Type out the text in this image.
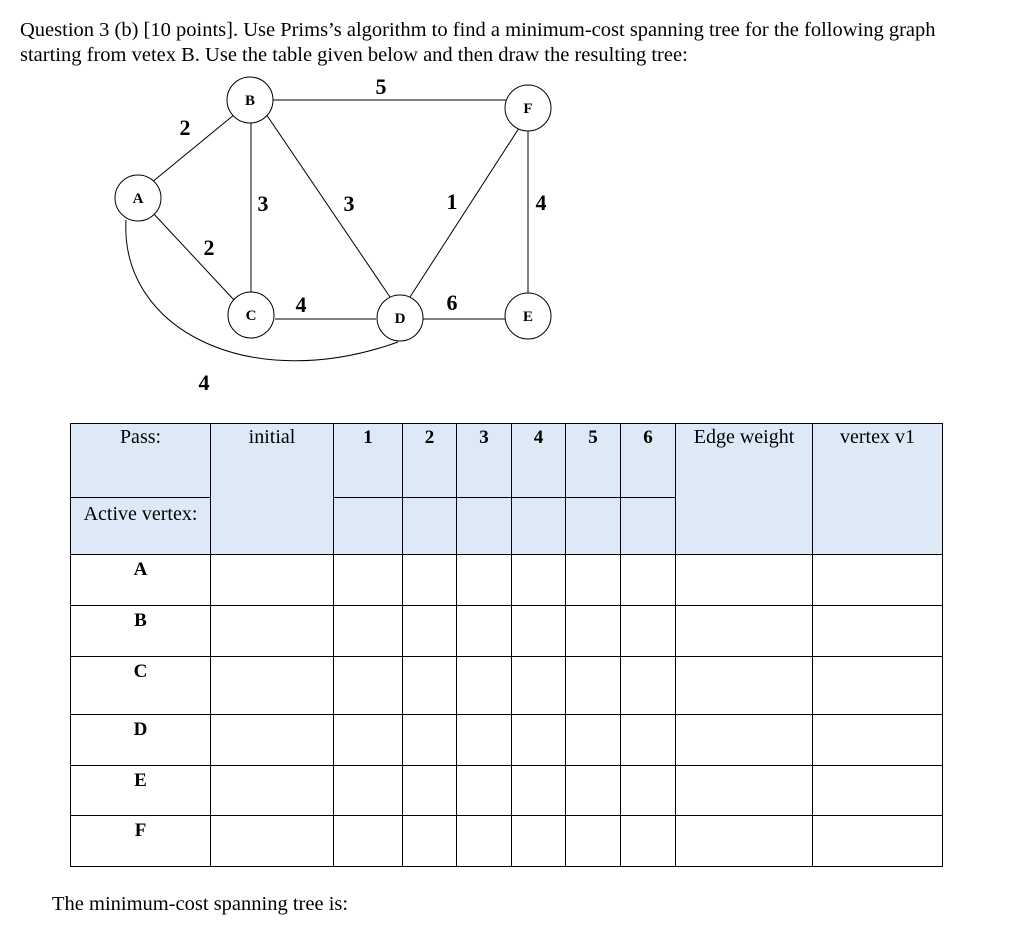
Question 3 (b) [10 points]. Use Prims’s algorithm to find a minimum-cost spanning tree for the following graph
starting from vetex B. Use the table given below and then draw the resulting tree:
A
B
C	D	E
F
2
5
3	3	1	4
2
4	6
4
Pass:	initial	1	2	3	4	5	6	Edge weight	vertex v1

Active vertex:									

A									

B									

C									

D									

E									

F									

The minimum-cost spanning tree is:
